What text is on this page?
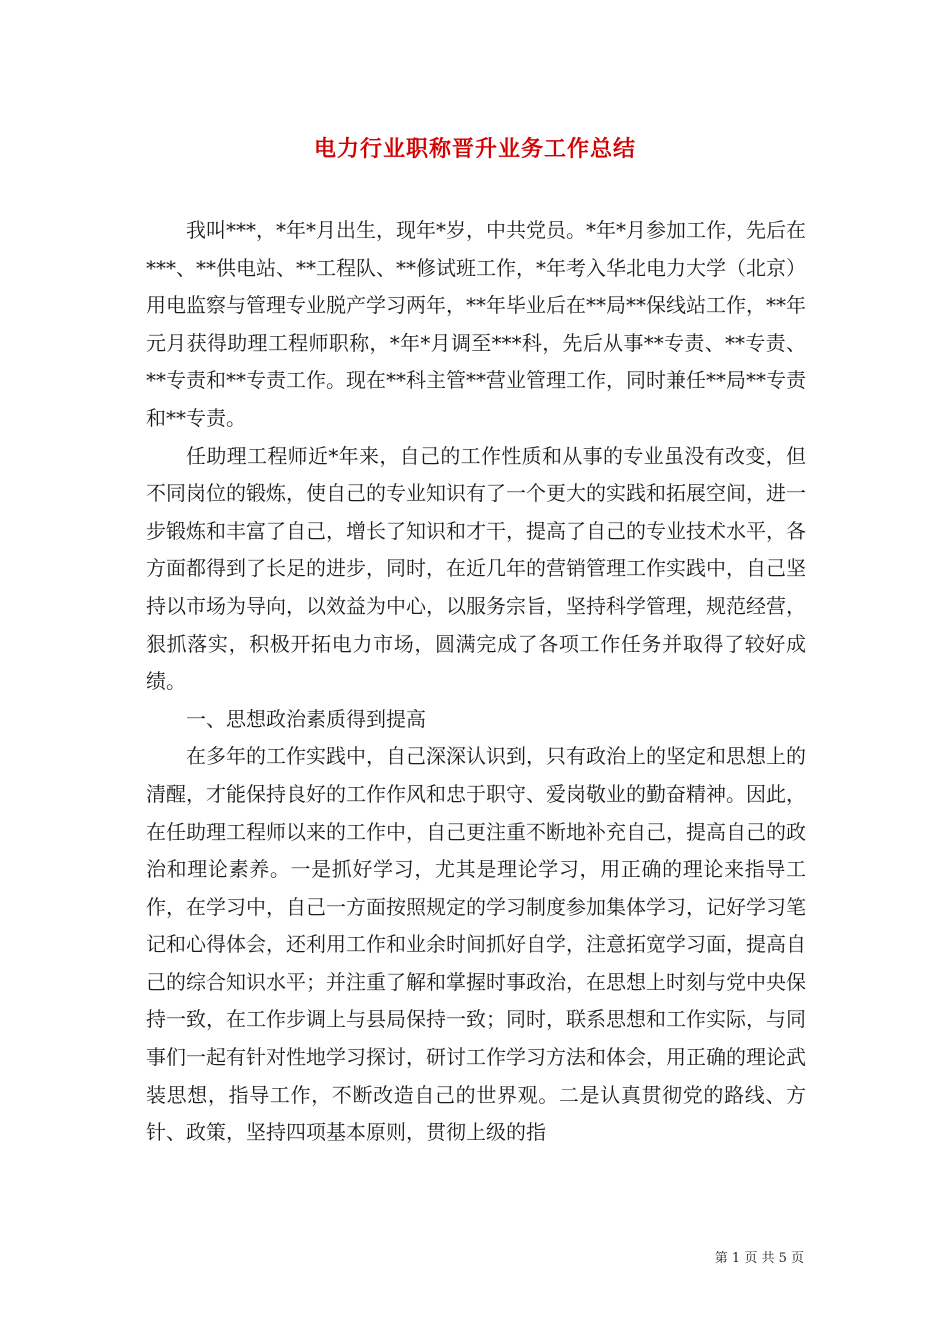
电力行业职称晋升业务工作总结

我叫***，*年*月出生，现年*岁，中共党员。*年*月参加工作，先后在***、**供电站、**工程队、**修试班工作，*年考入华北电力大学（北京）用电监察与管理专业脱产学习两年，**年毕业后在**局**保线站工作，**年元月获得助理工程师职称，*年*月调至***科，先后从事**专责、**专责、**专责和**专责工作。现在**科主管**营业管理工作，同时兼任**局**专责和**专责。

任助理工程师近*年来，自己的工作性质和从事的专业虽没有改变，但不同岗位的锻炼，使自己的专业知识有了一个更大的实践和拓展空间，进一步锻炼和丰富了自己，增长了知识和才干，提高了自己的专业技术水平，各方面都得到了长足的进步，同时，在近几年的营销管理工作实践中，自己坚持以市场为导向，以效益为中心，以服务宗旨，坚持科学管理，规范经营，狠抓落实，积极开拓电力市场，圆满完成了各项工作任务并取得了较好成绩。

一、思想政治素质得到提高

在多年的工作实践中，自己深深认识到，只有政治上的坚定和思想上的清醒，才能保持良好的工作作风和忠于职守、爱岗敬业的勤奋精神。因此，在任助理工程师以来的工作中，自己更注重不断地补充自己，提高自己的政治和理论素养。一是抓好学习，尤其是理论学习，用正确的理论来指导工作，在学习中，自己一方面按照规定的学习制度参加集体学习，记好学习笔记和心得体会，还利用工作和业余时间抓好自学，注意拓宽学习面，提高自己的综合知识水平；并注重了解和掌握时事政治，在思想上时刻与党中央保持一致，在工作步调上与县局保持一致；同时，联系思想和工作实际，与同事们一起有针对性地学习探讨，研讨工作学习方法和体会，用正确的理论武装思想，指导工作，不断改造自己的世界观。二是认真贯彻党的路线、方针、政策，坚持四项基本原则，贯彻上级的指

第 1 页 共 5 页
